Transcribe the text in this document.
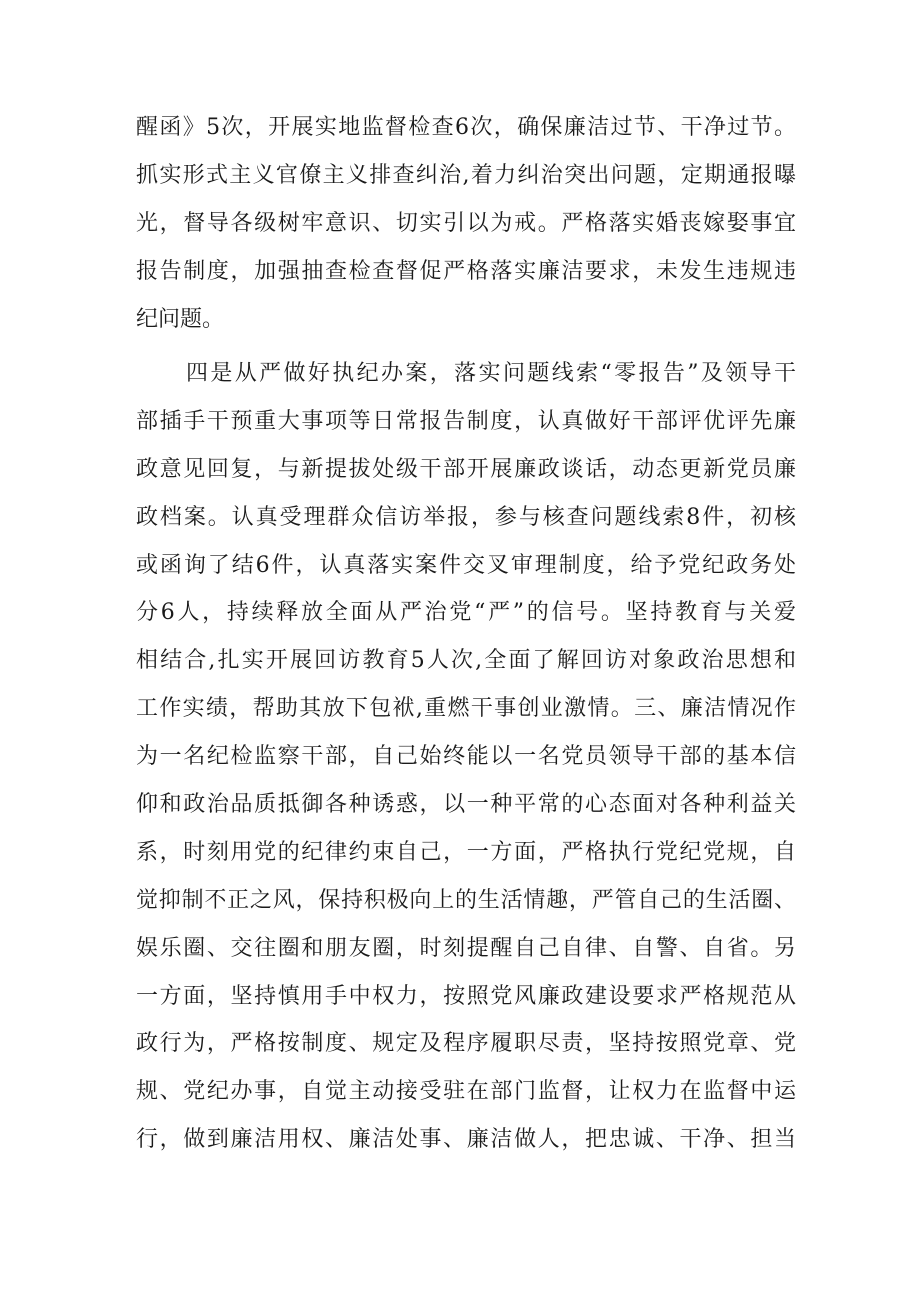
醒函》5次，开展实地监督检查6次，确保廉洁过节、干净过节。
抓实形式主义官僚主义排查纠治,着力纠治突出问题，定期通报曝
光，督导各级树牢意识、切实引以为戒。严格落实婚丧嫁娶事宜
报告制度，加强抽查检查督促严格落实廉洁要求，未发生违规违
纪问题。
四是从严做好执纪办案，落实问题线索“零报告”及领导干
部插手干预重大事项等日常报告制度，认真做好干部评优评先廉
政意见回复，与新提拔处级干部开展廉政谈话，动态更新党员廉
政档案。认真受理群众信访举报，参与核查问题线索8件，初核
或函询了结6件，认真落实案件交叉审理制度，给予党纪政务处
分6人，持续释放全面从严治党“严”的信号。坚持教育与关爱
相结合,扎实开展回访教育5人次,全面了解回访对象政治思想和
工作实绩，帮助其放下包袱,重燃干事创业激情。三、廉洁情况作
为一名纪检监察干部，自己始终能以一名党员领导干部的基本信
仰和政治品质抵御各种诱惑，以一种平常的心态面对各种利益关
系，时刻用党的纪律约束自己，一方面，严格执行党纪党规，自
觉抑制不正之风，保持积极向上的生活情趣，严管自己的生活圈、
娱乐圈、交往圈和朋友圈，时刻提醒自己自律、自警、自省。另
一方面，坚持慎用手中权力，按照党风廉政建设要求严格规范从
政行为，严格按制度、规定及程序履职尽责，坚持按照党章、党
规、党纪办事，自觉主动接受驻在部门监督，让权力在监督中运
行，做到廉洁用权、廉洁处事、廉洁做人，把忠诚、干净、担当
